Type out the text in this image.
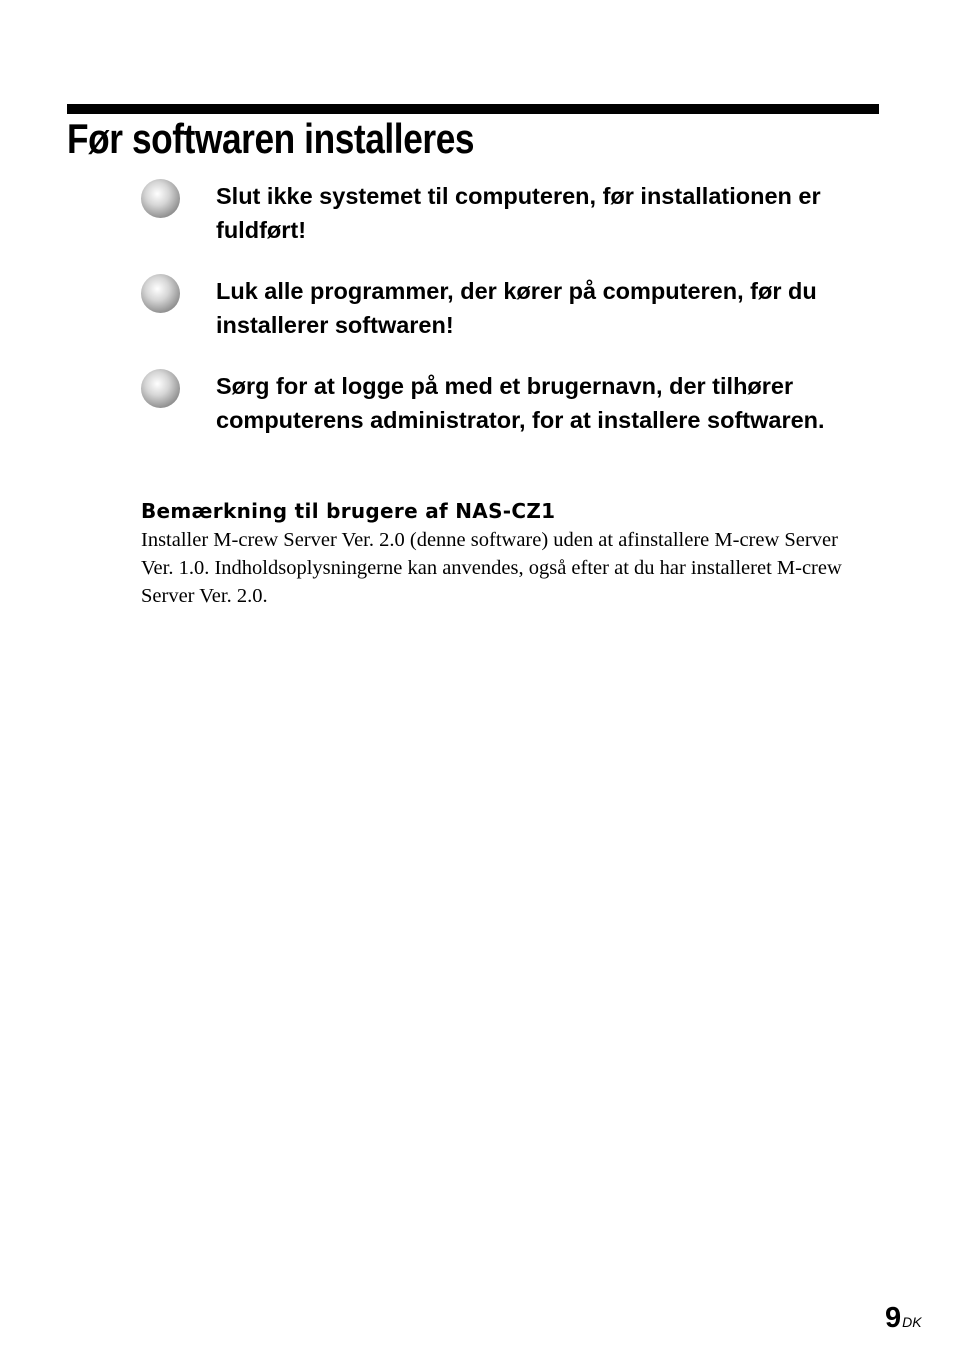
Før softwaren installeres
Slut ikke systemet til computeren, før installationen er fuldført!
Luk alle programmer, der kører på computeren, før du installerer softwaren!
Sørg for at logge på med et brugernavn, der tilhører computerens administrator, for at installere softwaren.
Bemærkning til brugere af NAS-CZ1

Installer M-crew Server Ver. 2.0 (denne software) uden at afinstallere M-crew Server Ver. 1.0. Indholdsoplysningerne kan anvendes, også efter at du har installeret M-crew Server Ver. 2.0.

9DK
